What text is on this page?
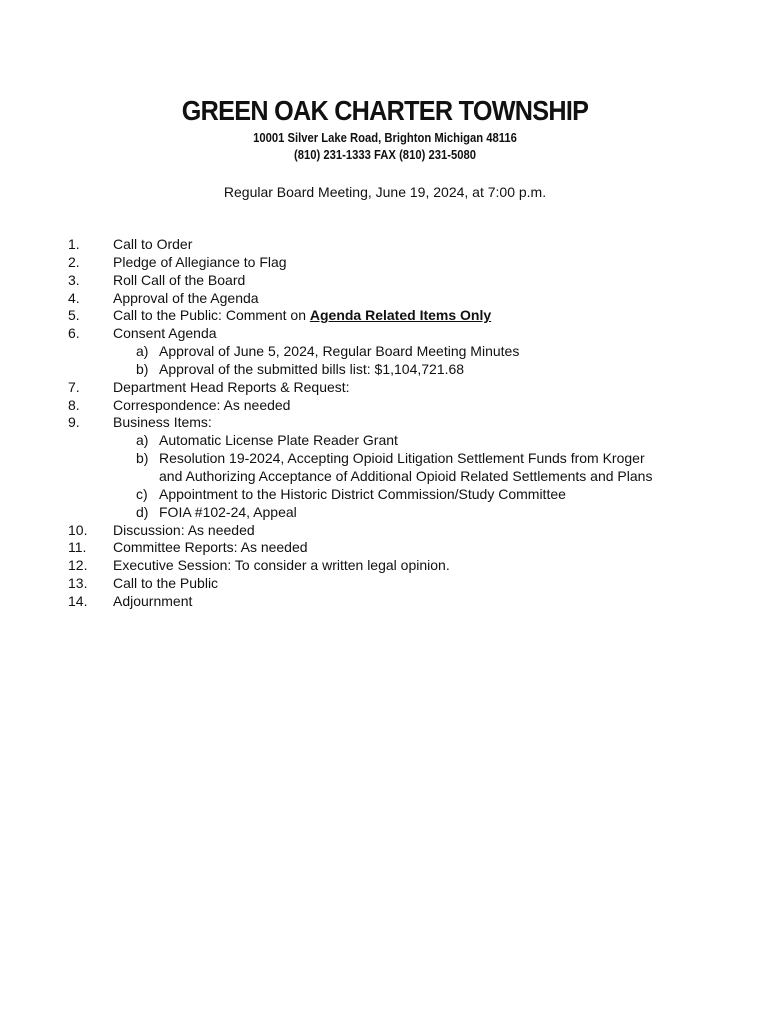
GREEN OAK CHARTER TOWNSHIP
10001 Silver Lake Road, Brighton Michigan 48116
(810) 231-1333 FAX (810) 231-5080
Regular Board Meeting, June 19, 2024, at 7:00 p.m.
1. Call to Order
2. Pledge of Allegiance to Flag
3. Roll Call of the Board
4. Approval of the Agenda
5. Call to the Public: Comment on Agenda Related Items Only
6. Consent Agenda
a) Approval of June 5, 2024, Regular Board Meeting Minutes
b) Approval of the submitted bills list: $1,104,721.68
7. Department Head Reports & Request:
8. Correspondence: As needed
9. Business Items:
a) Automatic License Plate Reader Grant
b) Resolution 19-2024, Accepting Opioid Litigation Settlement Funds from Kroger
and Authorizing Acceptance of Additional Opioid Related Settlements and Plans
c) Appointment to the Historic District Commission/Study Committee
d) FOIA #102-24, Appeal
10. Discussion: As needed
11. Committee Reports: As needed
12. Executive Session: To consider a written legal opinion.
13. Call to the Public
14. Adjournment
